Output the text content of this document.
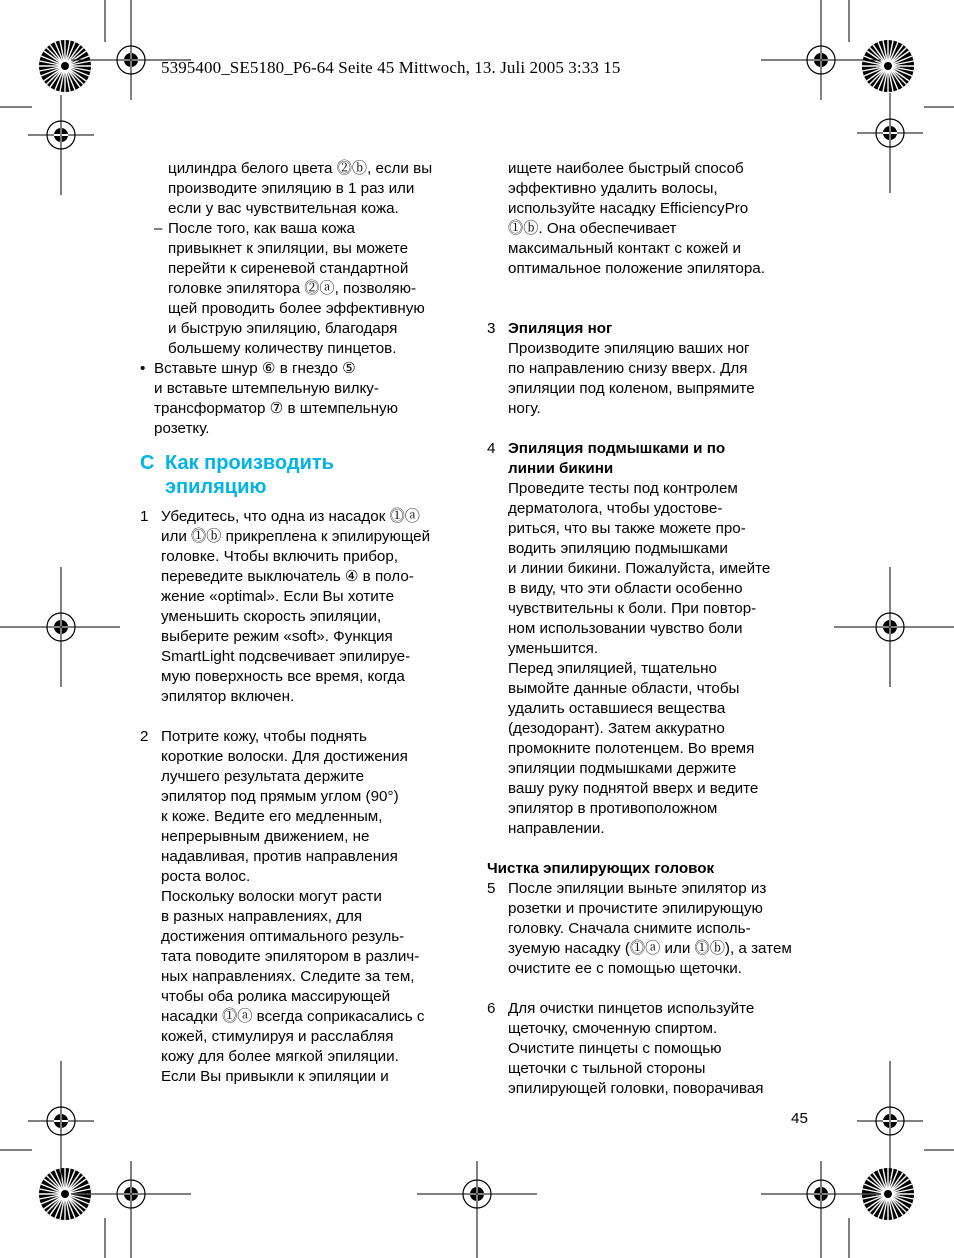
5395400_SE5180_P6-64 Seite 45 Mittwoch, 13. Juli 2005 3:33 15
цилиндра белого цвета ⓶ⓑ, если вы
производите эпиляцию в 1 раз или
если у вас чувствительная кожа.
– После того, как ваша кожа
привыкнет к эпиляции, вы можете
перейти к сиреневой стандартной
головке эпилятора ⓶ⓐ, позволяю-
щей проводить более эффективную
и быструю эпиляцию, благодаря
большему количеству пинцетов.
• Вставьте шнур ⑥ в гнездо ⑤
и вставьте штемпельную вилку-
трансформатор ⑦ в штемпельную
розетку.
C Как производить
эпиляцию
1 Убедитесь, что одна из насадок ⓵ⓐ
или ⓵ⓑ прикреплена к эпилирующей
головке. Чтобы включить прибор,
переведите выключатель ④ в поло-
жение «optimal». Если Вы хотите
уменьшить скорость эпиляции,
выберите режим «soft». Функция
SmartLight подсвечивает эпилируе-
мую поверхность все время, когда
эпилятор включен.
2 Потрите кожу, чтобы поднять
короткие волоски. Для достижения
лучшего результата держите
эпилятор под прямым углом (90°)
к коже. Ведите его медленным,
непрерывным движением, не
надавливая, против направления
роста волос.
Поскольку волоски могут расти
в разных направлениях, для
достижения оптимального резуль-
тата поводите эпилятором в различ-
ных направлениях. Следите за тем,
чтобы оба ролика массирующей
насадки ⓵ⓐ всегда соприкасались с
кожей, стимулируя и расслабляя
кожу для более мягкой эпиляции.
Если Вы привыкли к эпиляции и
ищете наиболее быстрый способ
эффективно удалить волосы,
используйте насадку EfficiencyPro
⓵ⓑ. Она обеспечивает
максимальный контакт с кожей и
оптимальное положение эпилятора.
3 Эпиляция ног
Производите эпиляцию ваших ног
по направлению снизу вверх. Для
эпиляции под коленом, выпрямите
ногу.
4 Эпиляция подмышками и по
линии бикини
Проведите тесты под контролем
дерматолога, чтобы удостове-
риться, что вы также можете про-
водить эпиляцию подмышками
и линии бикини. Пожалуйста, имейте
в виду, что эти области особенно
чувствительны к боли. При повтор-
ном использовании чувство боли
уменьшится.
Перед эпиляцией, тщательно
вымойте данные области, чтобы
удалить оставшиеся вещества
(дезодорант). Затем аккуратно
промокните полотенцем. Во время
эпиляции подмышками держите
вашу руку поднятой вверх и ведите
эпилятор в противоположном
направлении.
Чистка эпилирующих головок
5 После эпиляции выньте эпилятор из
розетки и прочистите эпилирующую
головку. Сначала снимите исполь-
зуемую насадку (⓵ⓐ или ⓵ⓑ), а затем
очистите ее с помощью щеточки.
6 Для очистки пинцетов используйте
щеточку, смоченную спиртом.
Очистите пинцеты с помощью
щеточки с тыльной стороны
эпилирующей головки, поворачивая
45
